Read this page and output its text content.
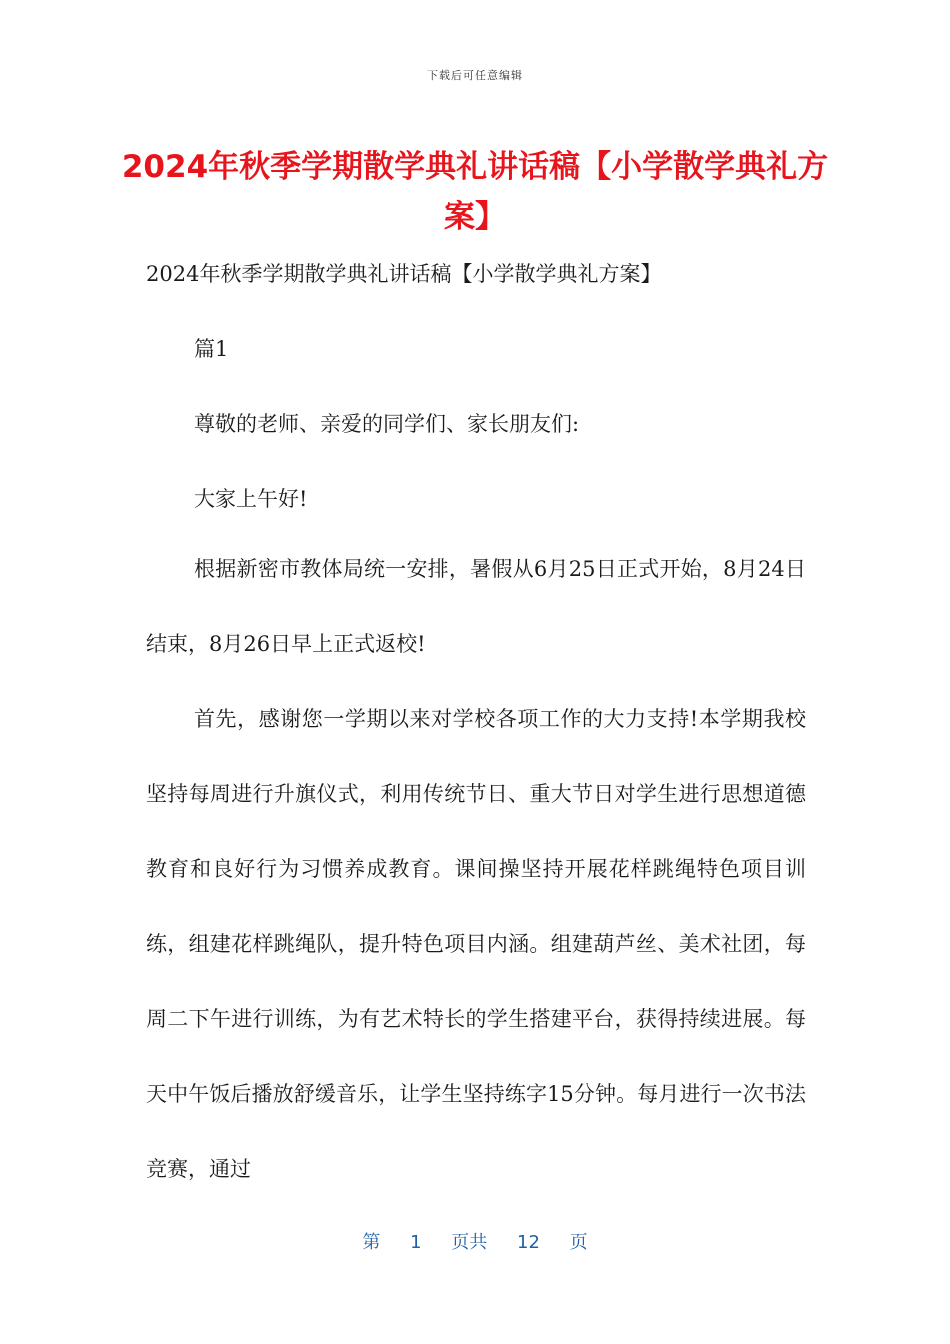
下载后可任意编辑
2024年秋季学期散学典礼讲话稿【小学散学典礼方案】
2024年秋季学期散学典礼讲话稿【小学散学典礼方案】
篇1
尊敬的老师、亲爱的同学们、家长朋友们:
大家上午好!
根据新密市教体局统一安排，暑假从6月25日正式开始，8月24日结束，8月26日早上正式返校!
首先，感谢您一学期以来对学校各项工作的大力支持!本学期我校坚持每周进行升旗仪式，利用传统节日、重大节日对学生进行思想道德教育和良好行为习惯养成教育。课间操坚持开展花样跳绳特色项目训练，组建花样跳绳队，提升特色项目内涵。组建葫芦丝、美术社团，每周二下午进行训练，为有艺术特长的学生搭建平台，获得持续进展。每天中午饭后播放舒缓音乐，让学生坚持练字15分钟。每月进行一次书法竞赛，通过
第 1 页共 12 页
